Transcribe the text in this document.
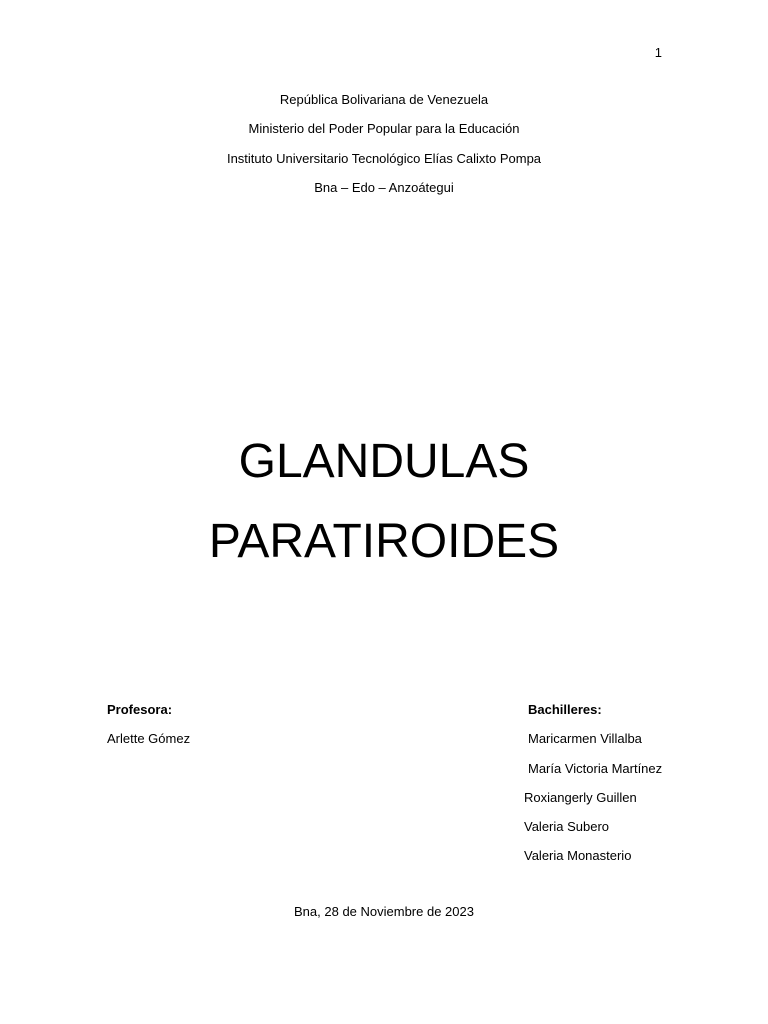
1
República Bolivariana de Venezuela
Ministerio del Poder Popular para la Educación
Instituto Universitario Tecnológico Elías Calixto Pompa
Bna – Edo – Anzoátegui
GLANDULAS
PARATIROIDES
Profesora:
Arlette Gómez
Bachilleres:
Maricarmen Villalba
María Victoria Martínez
Roxiangerly Guillen
Valeria Subero
Valeria Monasterio
Bna, 28 de Noviembre de 2023
